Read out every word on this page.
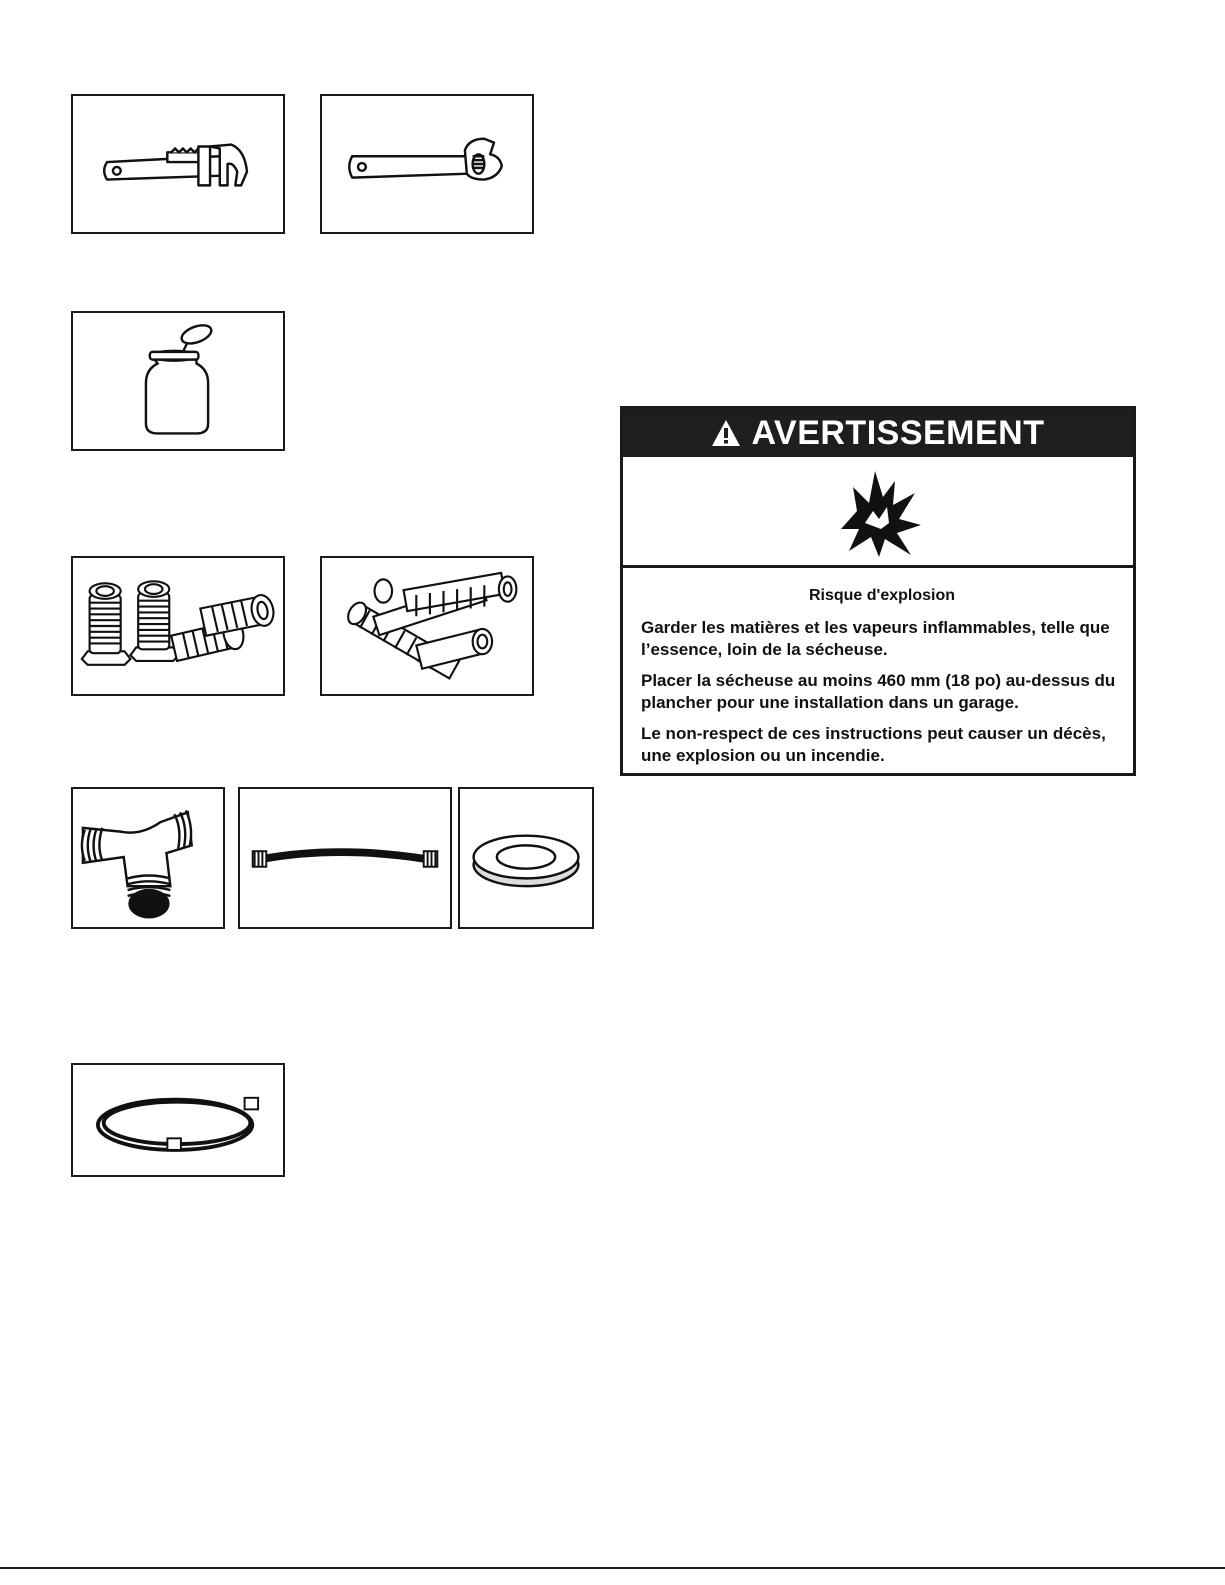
AVERTISSEMENT

Risque d'explosion

Garder les matières et les vapeurs inflammables, telle que l’essence, loin de la sécheuse.

Placer la sécheuse au moins 460 mm (18 po) au-dessus du plancher pour une installation dans un garage.

Le non-respect de ces instructions peut causer un décès, une explosion ou un incendie.
